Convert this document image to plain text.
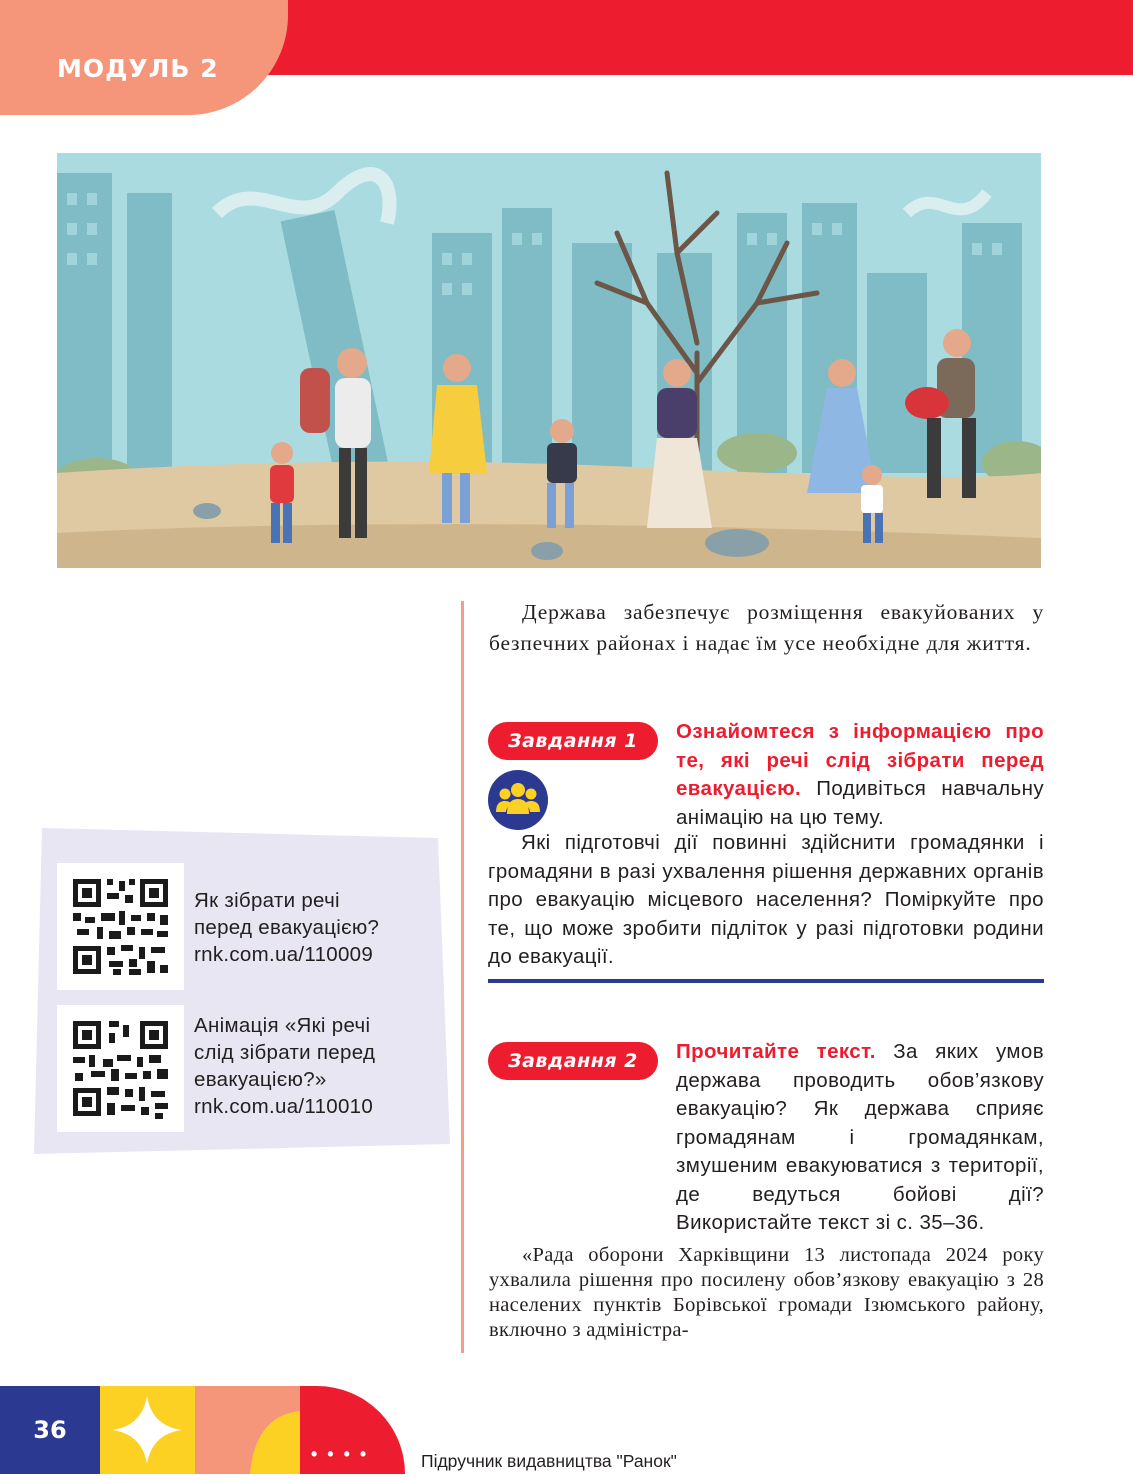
МОДУЛЬ 2
Держава забезпечує розміщення евакуйованих у безпечних районах і надає їм усе необхідне для життя.
Завдання 1	Ознайомтеся з інформацією про те, які речі слід зібрати перед евакуацією. Подивіться навчальну анімацію на цю тему.
Які підготовчі дії повинні здійснити громадянки і громадяни в разі ухвалення рішення державних органів про евакуацію місцевого населення? Поміркуйте про те, що може зробити підліток у разі підготовки родини до евакуації.
Завдання 2	Прочитайте текст. За яких умов держава проводить обов’язкову евакуацію? Як держава сприяє громадянам і громадянкам, змушеним евакуюватися з території, де ведуться бойові дії? Використайте текст зі с. 35–36.
«Рада оборони Харківщини 13 листопада 2024 року ухвалила рішення про посилену обов’язкову евакуацію з 28 населених пунктів Борівської громади Ізюмського району, включно з адміністра-
Як зібрати речі
перед евакуацією?
rnk.com.ua/110009
Анімація «Які речі
слід зібрати перед
евакуацією?»
rnk.com.ua/110010
36
••••	Підручник видавництва "Ранок"
